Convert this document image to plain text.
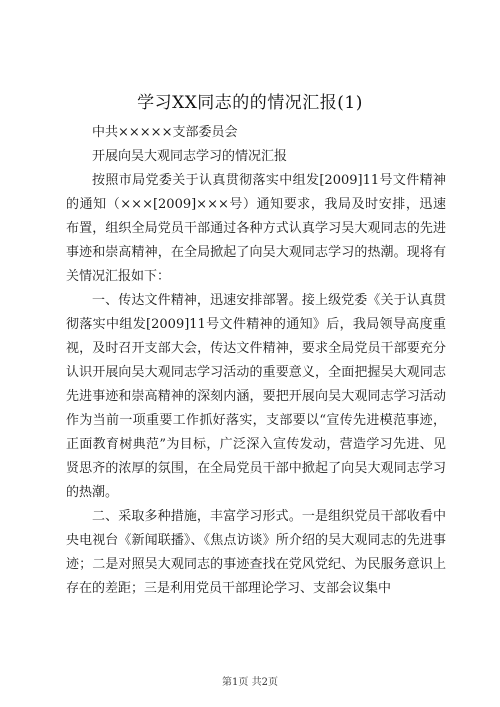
学习XX同志的的情况汇报(1)

中共×××××支部委员会

开展向吴大观同志学习的情况汇报

按照市局党委关于认真贯彻落实中组发[2009]11号文件精神的通知（×××[2009]×××号）通知要求，我局及时安排，迅速布置，组织全局党员干部通过各种方式认真学习吴大观同志的先进事迹和崇高精神，在全局掀起了向吴大观同志学习的热潮。现将有关情况汇报如下：

一、传达文件精神，迅速安排部署。接上级党委《关于认真贯彻落实中组发[2009]11号文件精神的通知》后，我局领导高度重视，及时召开支部大会，传达文件精神，要求全局党员干部要充分认识开展向吴大观同志学习活动的重要意义，全面把握吴大观同志先进事迹和崇高精神的深刻内涵，要把开展向吴大观同志学习活动作为当前一项重要工作抓好落实，支部要以“宣传先进模范事迹，正面教育树典范”为目标，广泛深入宣传发动，营造学习先进、见贤思齐的浓厚的氛围，在全局党员干部中掀起了向吴大观同志学习的热潮。

二、采取多种措施，丰富学习形式。一是组织党员干部收看中央电视台《新闻联播》、《焦点访谈》所介绍的吴大观同志的先进事迹；二是对照吴大观同志的事迹查找在党风党纪、为民服务意识上存在的差距；三是利用党员干部理论学习、支部会议集中

第1页 共2页
